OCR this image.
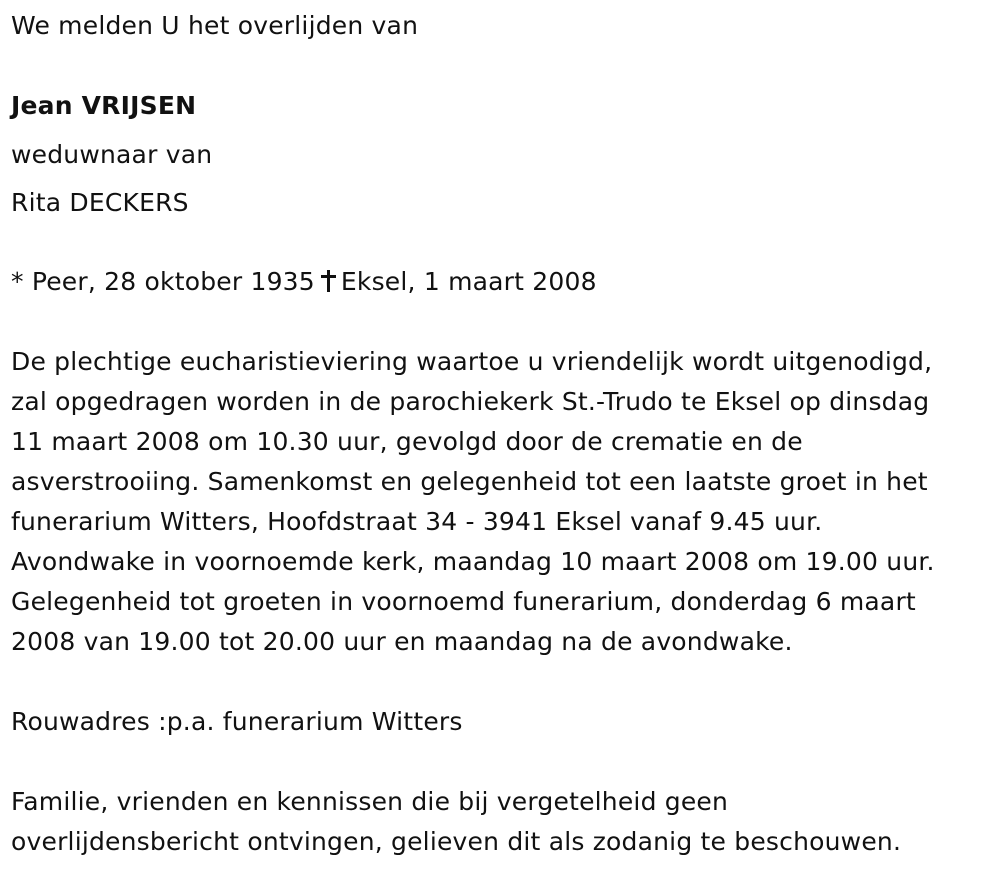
We melden U het overlijden van
Jean VRIJSEN
weduwnaar van
Rita DECKERS
* Peer, 28 oktober 1935 Eksel, 1 maart 2008
De plechtige eucharistieviering waartoe u vriendelijk wordt uitgenodigd,
zal opgedragen worden in de parochiekerk St.-Trudo te Eksel op dinsdag
11 maart 2008 om 10.30 uur, gevolgd door de crematie en de
asverstrooiing. Samenkomst en gelegenheid tot een laatste groet in het
funerarium Witters, Hoofdstraat 34 - 3941 Eksel vanaf 9.45 uur.
Avondwake in voornoemde kerk, maandag 10 maart 2008 om 19.00 uur.
Gelegenheid tot groeten in voornoemd funerarium, donderdag 6 maart
2008 van 19.00 tot 20.00 uur en maandag na de avondwake.
Rouwadres :p.a. funerarium Witters
Familie, vrienden en kennissen die bij vergetelheid geen
overlijdensbericht ontvingen, gelieven dit als zodanig te beschouwen.
